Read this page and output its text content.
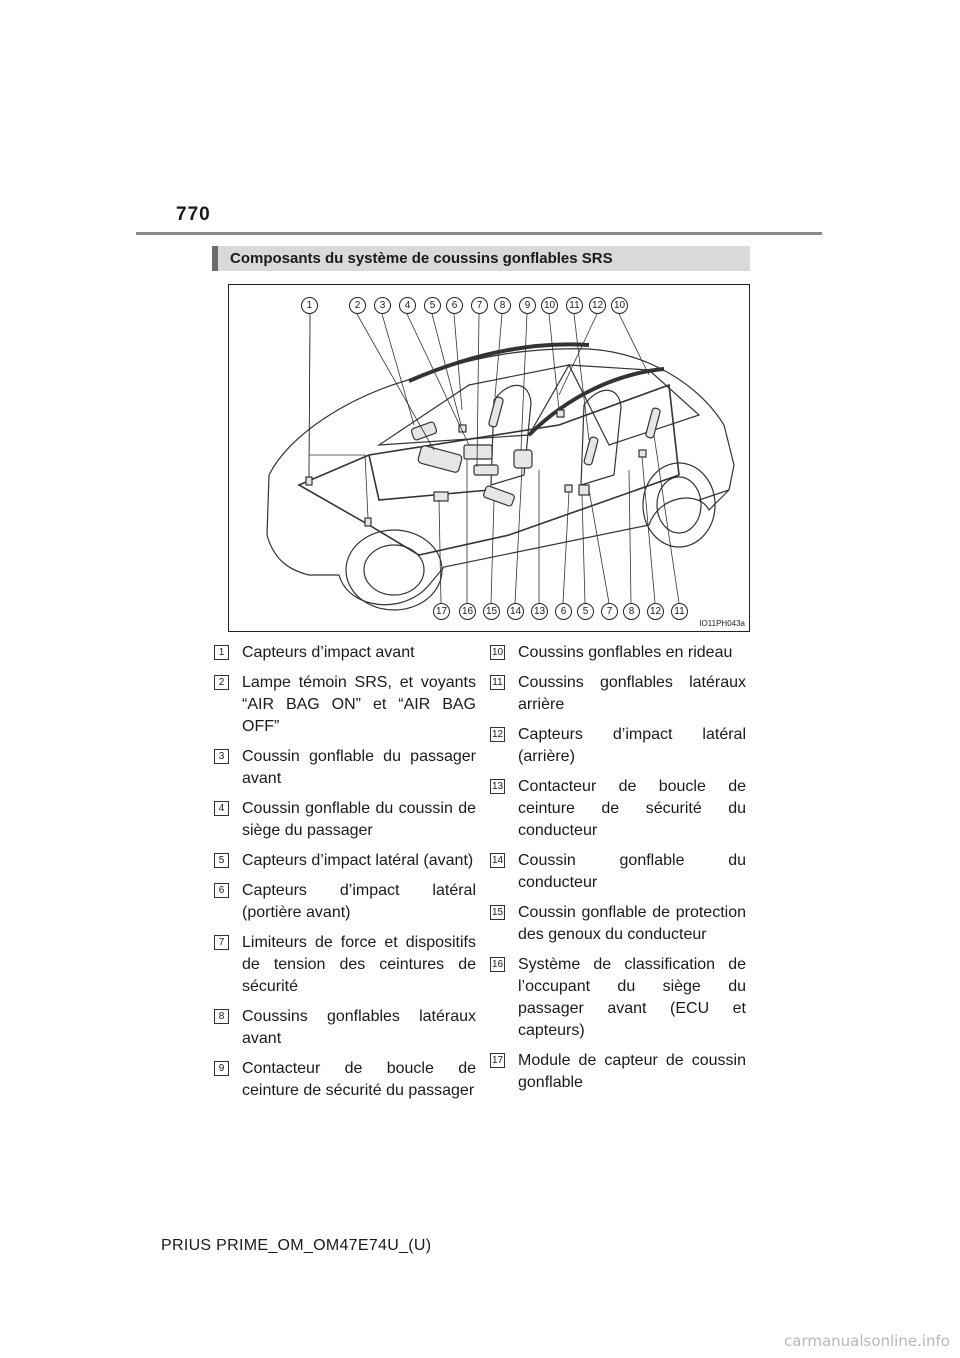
770
Composants du système de coussins gonflables SRS
1	2	3	4	5	6	7	8	9	10	11	12 10
17 16 15 14 13	6	5	7	8	12	11
IO11PH043a
1 Capteurs d’impact avant
2 Lampe témoin SRS, et voyants “AIR BAG ON” et “AIR BAG OFF”
3 Coussin gonflable du passager avant
4 Coussin gonflable du coussin de siège du passager
5 Capteurs d’impact latéral (avant)
6 Capteurs d’impact latéral (portière avant)
7 Limiteurs de force et dispositifs de tension des ceintures de sécurité
8 Coussins gonflables latéraux avant
9 Contacteur de boucle de ceinture de sécurité du passager
10 Coussins gonflables en rideau
11 Coussins gonflables latéraux arrière
12 Capteurs d’impact latéral (arrière)
13 Contacteur de boucle de ceinture de sécurité du conducteur
14 Coussin gonflable du conducteur
15 Coussin gonflable de protection des genoux du conducteur
16 Système de classification de l’occupant du siège du passager avant (ECU et capteurs)
17 Module de capteur de coussin gonflable
PRIUS PRIME_OM_OM47E74U_(U)
carmanualsonline.info
